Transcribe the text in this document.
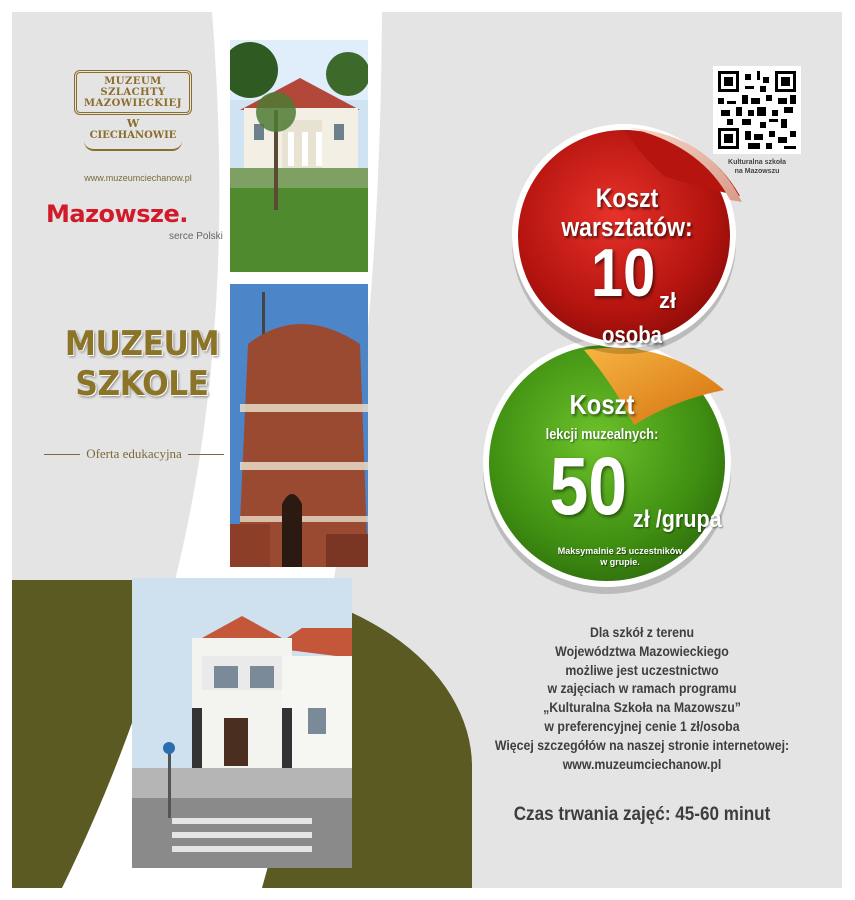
MUZEUM
SZLACHTY
MAZOWIECKIEJ
W
CIECHANOWIE
www.muzeumciechanow.pl
Mazowsze.
serce Polski
MUZEUM
SZKOLE
Oferta edukacyjna
Kulturalna szkoła
na Mazowszu
Koszt
warsztatów:
10 zł
osoba
Koszt
lekcji muzealnych:
50 zł /grupa
Maksymalnie 25 uczestników
w grupie.
Dla szkół z terenu
Województwa Mazowieckiego
możliwe jest uczestnictwo
w zajęciach w ramach programu
„Kulturalna Szkoła na Mazowszu”
w preferencyjnej cenie 1 zł/osoba
Więcej szczegółów na naszej stronie internetowej:
www.muzeumciechanow.pl
Czas trwania zajęć: 45-60 minut
